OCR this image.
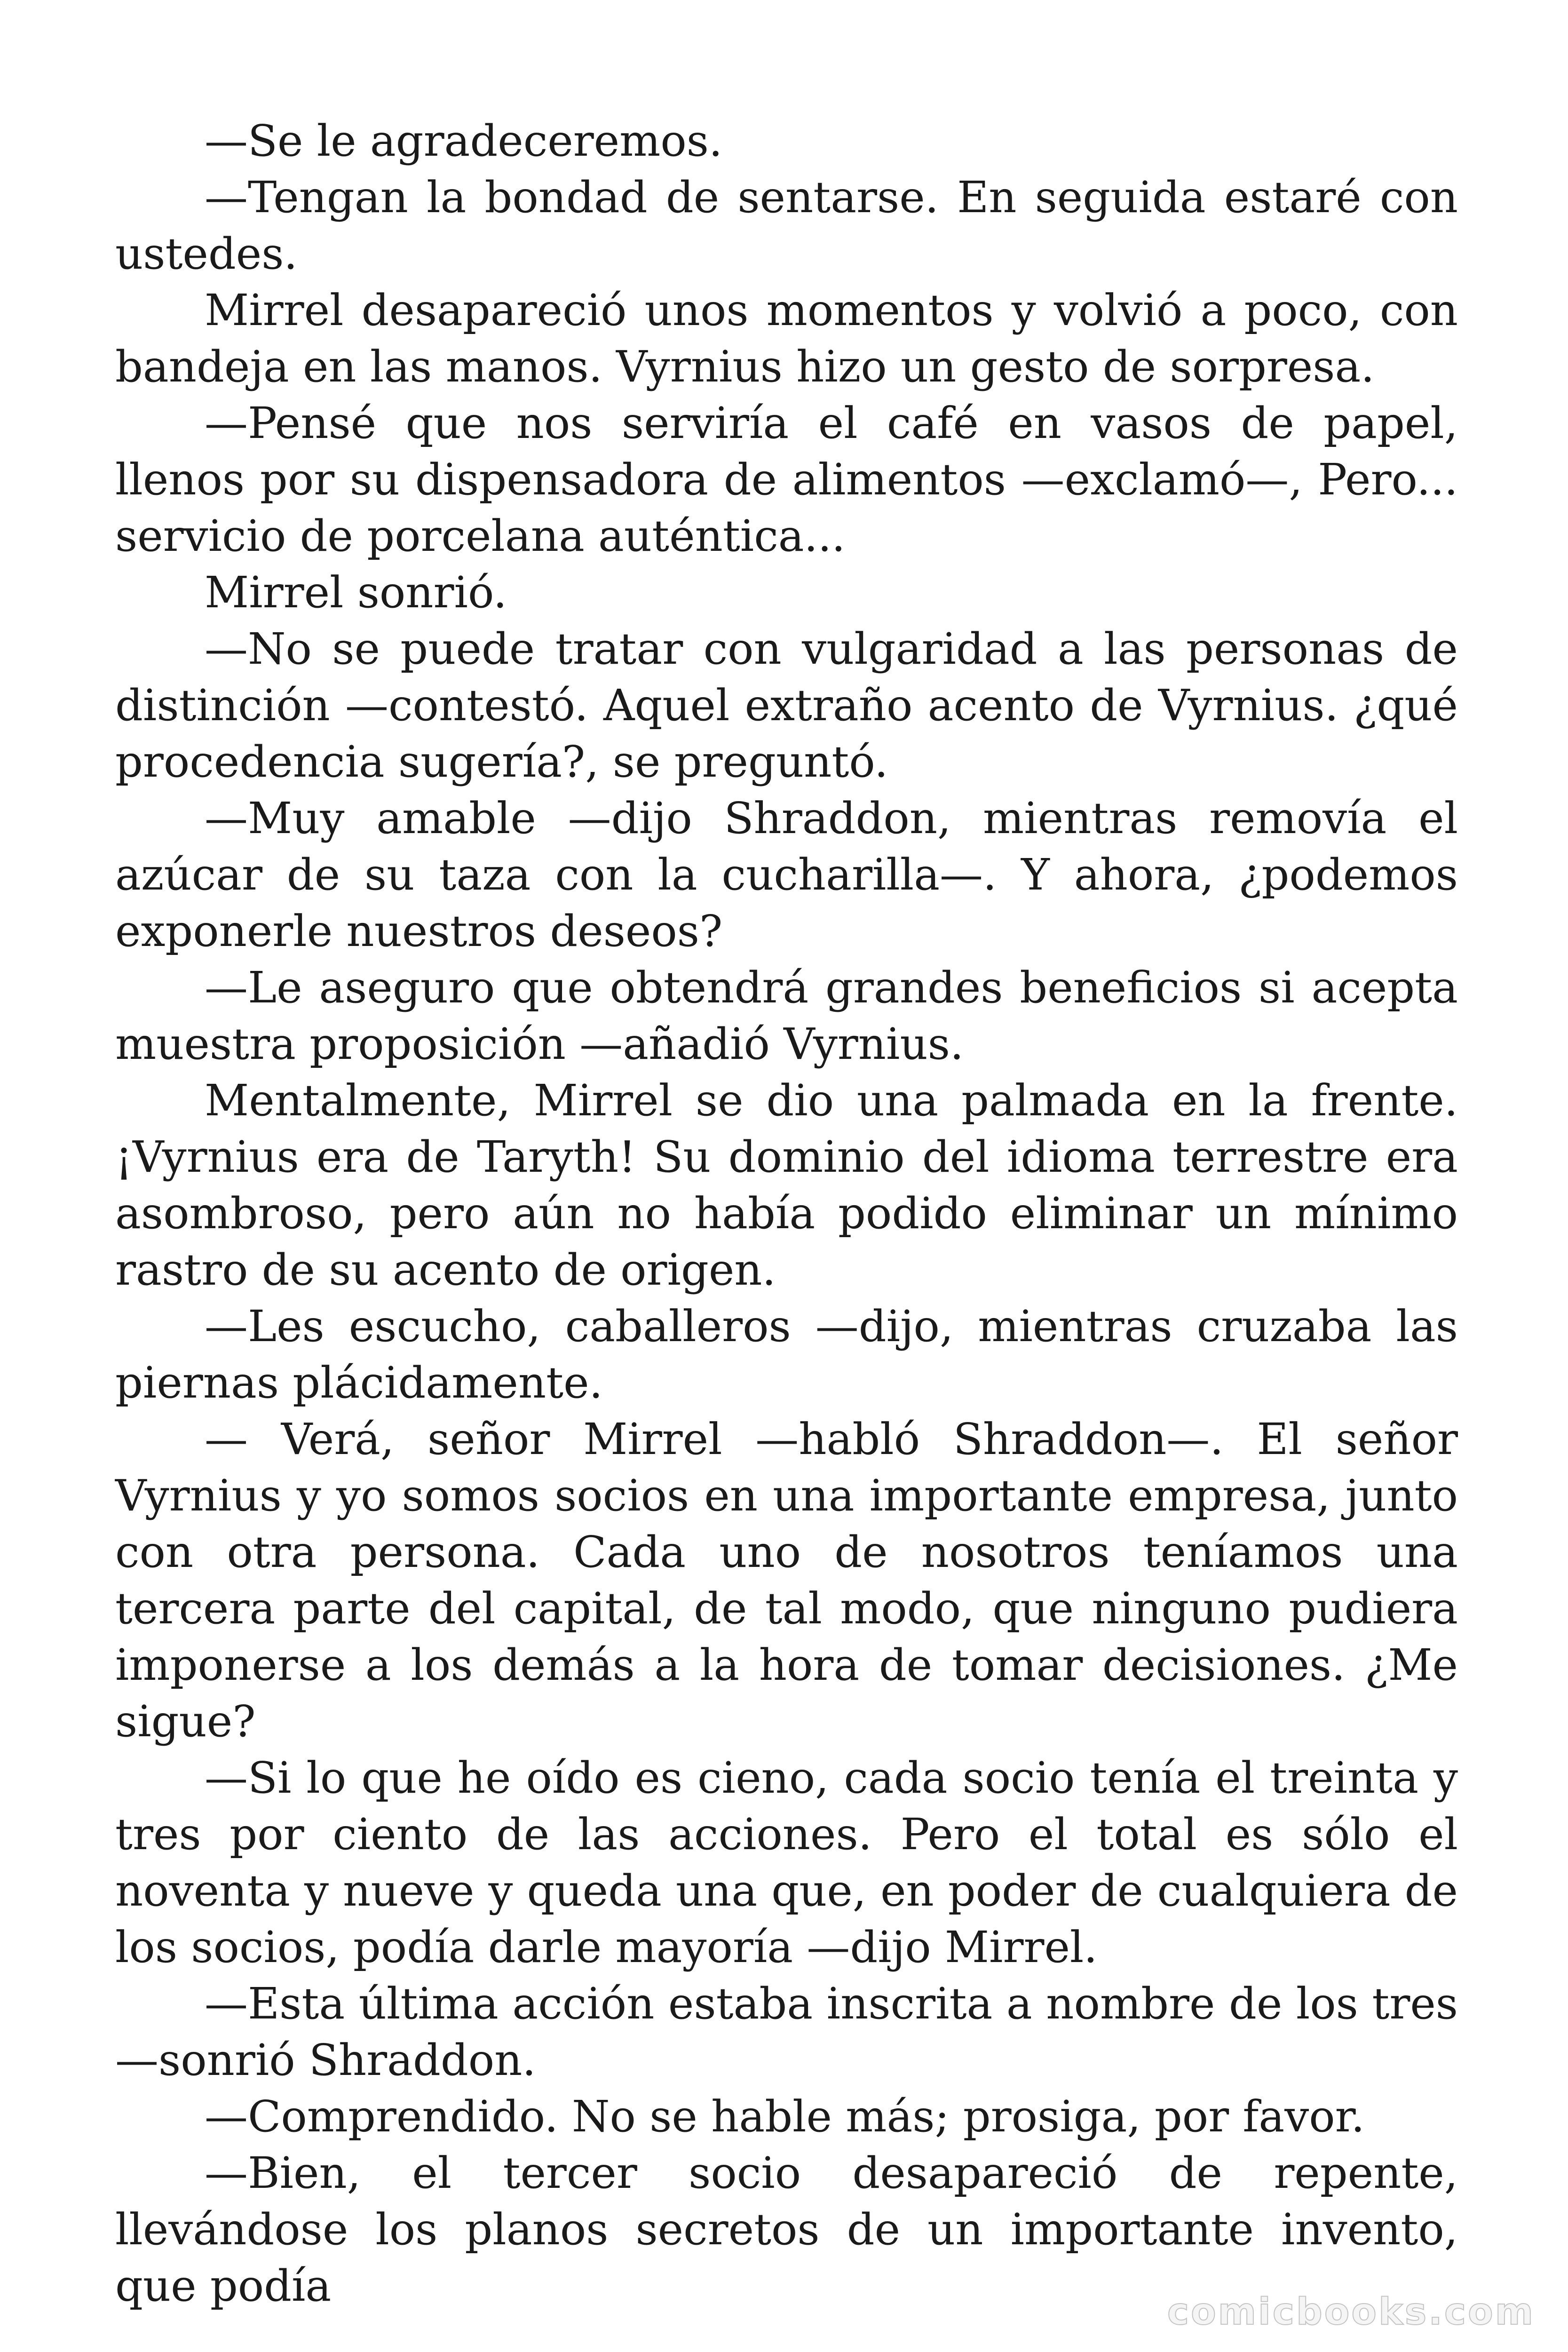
—Se le agradeceremos.

—Tengan la bondad de sentarse. En seguida estaré con ustedes.

Mirrel desapareció unos momentos y volvió a poco, con bandeja en las manos. Vyrnius hizo un gesto de sorpresa.

—Pensé que nos serviría el café en vasos de papel, llenos por su dispensadora de alimentos —exclamó—, Pero... servicio de porcelana auténtica...

Mirrel sonrió.

—No se puede tratar con vulgaridad a las personas de distinción —contestó. Aquel extraño acento de Vyrnius. ¿qué procedencia sugería?, se preguntó.

—Muy amable —dijo Shraddon, mientras removía el azúcar de su taza con la cucharilla—. Y ahora, ¿podemos exponerle nuestros deseos?

—Le aseguro que obtendrá grandes beneficios si acepta muestra proposición —añadió Vyrnius.

Mentalmente, Mirrel se dio una palmada en la frente. ¡Vyrnius era de Taryth! Su dominio del idioma terrestre era asombroso, pero aún no había podido eliminar un mínimo rastro de su acento de origen.

—Les escucho, caballeros —dijo, mientras cruzaba las piernas plácidamente.

— Verá, señor Mirrel —habló Shraddon—. El señor Vyrnius y yo somos socios en una importante empresa, junto con otra persona. Cada uno de nosotros teníamos una tercera parte del capital, de tal modo, que ninguno pudiera imponerse a los demás a la hora de tomar decisiones. ¿Me sigue?

—Si lo que he oído es cieno, cada socio tenía el treinta y tres por ciento de las acciones. Pero el total es sólo el noventa y nueve y queda una que, en poder de cualquiera de los socios, podía darle mayoría —dijo Mirrel.

—Esta última acción estaba inscrita a nombre de los tres —sonrió Shraddon.

—Comprendido. No se hable más; prosiga, por favor.

—Bien, el tercer socio desapareció de repente, llevándose los planos secretos de un importante invento, que podía

comicbooks.com
